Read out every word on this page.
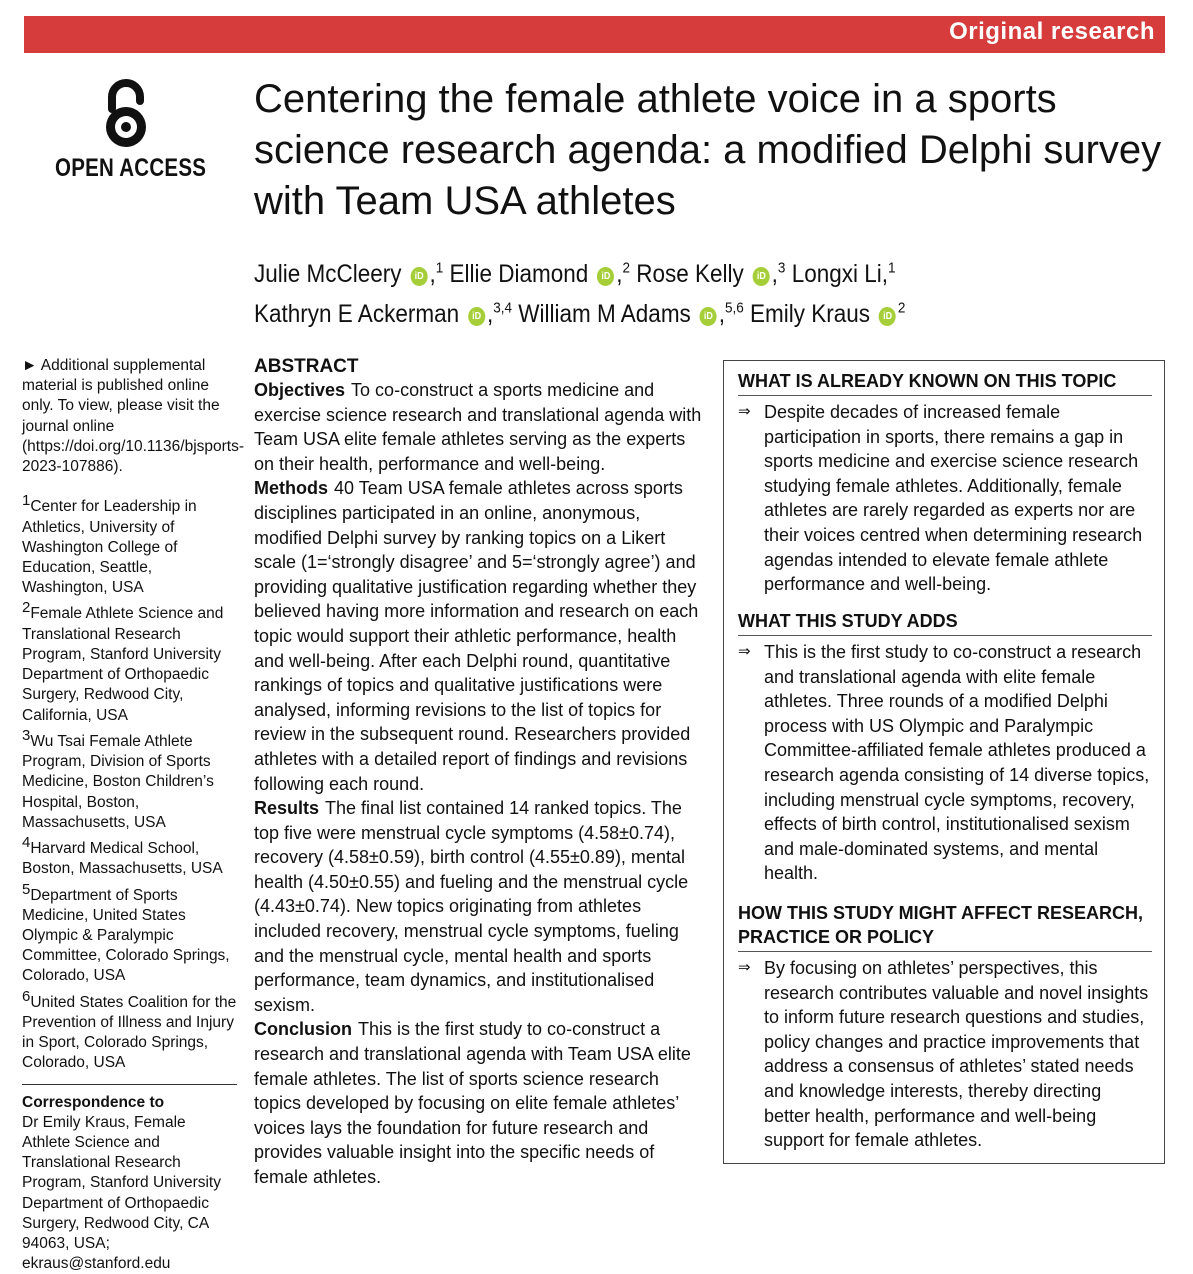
Original research
OPEN ACCESS
Centering the female athlete voice in a sports science research agenda: a modified Delphi survey with Team USA athletes
Julie McCleery iD ,$^1$ Ellie Diamond iD ,$^2$ Rose Kelly iD ,$^3$ Longxi Li,$^1$
Kathryn E Ackerman iD ,$^{3,4}$ William M Adams iD ,$^{5,6}$ Emily Kraus iD $^2$

► Additional supplemental material is published online only. To view, please visit the journal online (https://doi.org/10.1136/bjsports-2023-107886).

$^1$Center for Leadership in Athletics, University of Washington College of Education, Seattle, Washington, USA
$^2$Female Athlete Science and Translational Research Program, Stanford University Department of Orthopaedic Surgery, Redwood City, California, USA
$^3$Wu Tsai Female Athlete Program, Division of Sports Medicine, Boston Children’s Hospital, Boston, Massachusetts, USA
$^4$Harvard Medical School, Boston, Massachusetts, USA
$^5$Department of Sports Medicine, United States Olympic & Paralympic Committee, Colorado Springs, Colorado, USA
$^6$United States Coalition for the Prevention of Illness and Injury in Sport, Colorado Springs, Colorado, USA

Correspondence to

Dr Emily Kraus, Female Athlete Science and Translational Research Program, Stanford University Department of Orthopaedic Surgery, Redwood City, CA 94063, USA; ekraus@stanford.edu

ABSTRACT

Objectives To co-construct a sports medicine and exercise science research and translational agenda with Team USA elite female athletes serving as the experts on their health, performance and well-being.

Methods 40 Team USA female athletes across sports disciplines participated in an online, anonymous, modified Delphi survey by ranking topics on a Likert scale (1=‘strongly disagree’ and 5=‘strongly agree’) and providing qualitative justification regarding whether they believed having more information and research on each topic would support their athletic performance, health and well-being. After each Delphi round, quantitative rankings of topics and qualitative justifications were analysed, informing revisions to the list of topics for review in the subsequent round. Researchers provided athletes with a detailed report of findings and revisions following each round.

Results The final list contained 14 ranked topics. The top five were menstrual cycle symptoms (4.58±0.74), recovery (4.58±0.59), birth control (4.55±0.89), mental health (4.50±0.55) and fueling and the menstrual cycle (4.43±0.74). New topics originating from athletes included recovery, menstrual cycle symptoms, fueling and the menstrual cycle, mental health and sports performance, team dynamics, and institutionalised sexism.

Conclusion This is the first study to co-construct a research and translational agenda with Team USA elite female athletes. The list of sports science research topics developed by focusing on elite female athletes’ voices lays the foundation for future research and provides valuable insight into the specific needs of female athletes.

WHAT IS ALREADY KNOWN ON THIS TOPIC

⇒ Despite decades of increased female participation in sports, there remains a gap in sports medicine and exercise science research studying female athletes. Additionally, female athletes are rarely regarded as experts nor are their voices centred when determining research agendas intended to elevate female athlete performance and well-being.

WHAT THIS STUDY ADDS

⇒ This is the first study to co-construct a research and translational agenda with elite female athletes. Three rounds of a modified Delphi process with US Olympic and Paralympic Committee-affiliated female athletes produced a research agenda consisting of 14 diverse topics, including menstrual cycle symptoms, recovery, effects of birth control, institutionalised sexism and male-dominated systems, and mental health.

HOW THIS STUDY MIGHT AFFECT RESEARCH, PRACTICE OR POLICY

⇒ By focusing on athletes’ perspectives, this research contributes valuable and novel insights to inform future research questions and studies, policy changes and practice improvements that address a consensus of athletes’ stated needs and knowledge interests, thereby directing better health, performance and well-being support for female athletes.
